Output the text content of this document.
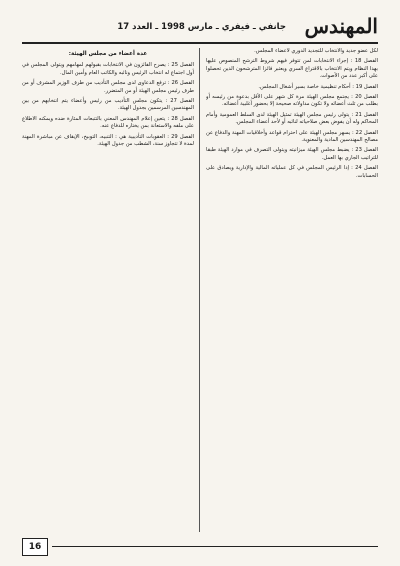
المهندس
جانفي ـ فيفري ـ مارس 1998 ـ العدد 17

لكل عضو جديد والانتخاب للتجديد الدوري لأعضاء المجلس.

الفصل 18 : إجراء الانتخابات لمن تتوفر فيهم شروط الترشح المنصوص عليها بهذا النظام ويتم الانتخاب بالاقتراع السري ويعتبر فائزا المترشحون الذين تحصلوا على أكبر عدد من الأصوات.

الفصل 19 : أحكام تنظيمية خاصة بسير أشغال المجلس.

الفصل 20 : يجتمع مجلس الهيئة مرة كل شهر على الأقل بدعوة من رئيسه أو بطلب من ثلث أعضائه ولا تكون مداولاته صحيحة إلا بحضور أغلبية أعضائه.

الفصل 21 : يتولى رئيس مجلس الهيئة تمثيل الهيئة لدى السلط العمومية وأمام المحاكم وله أن يفوض بعض صلاحياته لنائبه أو لأحد أعضاء المجلس.

الفصل 22 : يسهر مجلس الهيئة على احترام قواعد وأخلاقيات المهنة والدفاع عن مصالح المهندسين المادية والمعنوية.

الفصل 23 : يضبط مجلس الهيئة ميزانيته ويتولى التصرف في موارد الهيئة طبقا للتراتيب الجاري بها العمل.

الفصل 24 : إذا الرئيس المجلس في كل عملياته المالية والإدارية ويصادق على الحسابات.

عدة أعضاء من مجلس الهيئة:

الفصل 25 : يصرح الفائزون في الانتخابات بقبولهم لمهامهم ويتولى المجلس في أول اجتماع له انتخاب الرئيس ونائبه والكاتب العام وأمين المال.

الفصل 26 : ترفع الدعاوى لدى مجلس التأديب من طرف الوزير المشرف أو من طرف رئيس مجلس الهيئة أو من المتضرر.

الفصل 27 : يتكون مجلس التأديب من رئيس وأعضاء يتم انتخابهم من بين المهندسين المرسمين بجدول الهيئة.

الفصل 28 : يتعين إعلام المهندس المعني بالتتبعات المثارة ضده ويمكنه الاطلاع على ملفه والاستعانة بمن يختاره للدفاع عنه.

الفصل 29 : العقوبات التأديبية هي : التنبيه، التوبيخ، الإيقاف عن مباشرة المهنة لمدة لا تتجاوز سنة، الشطب من جدول الهيئة.

16
